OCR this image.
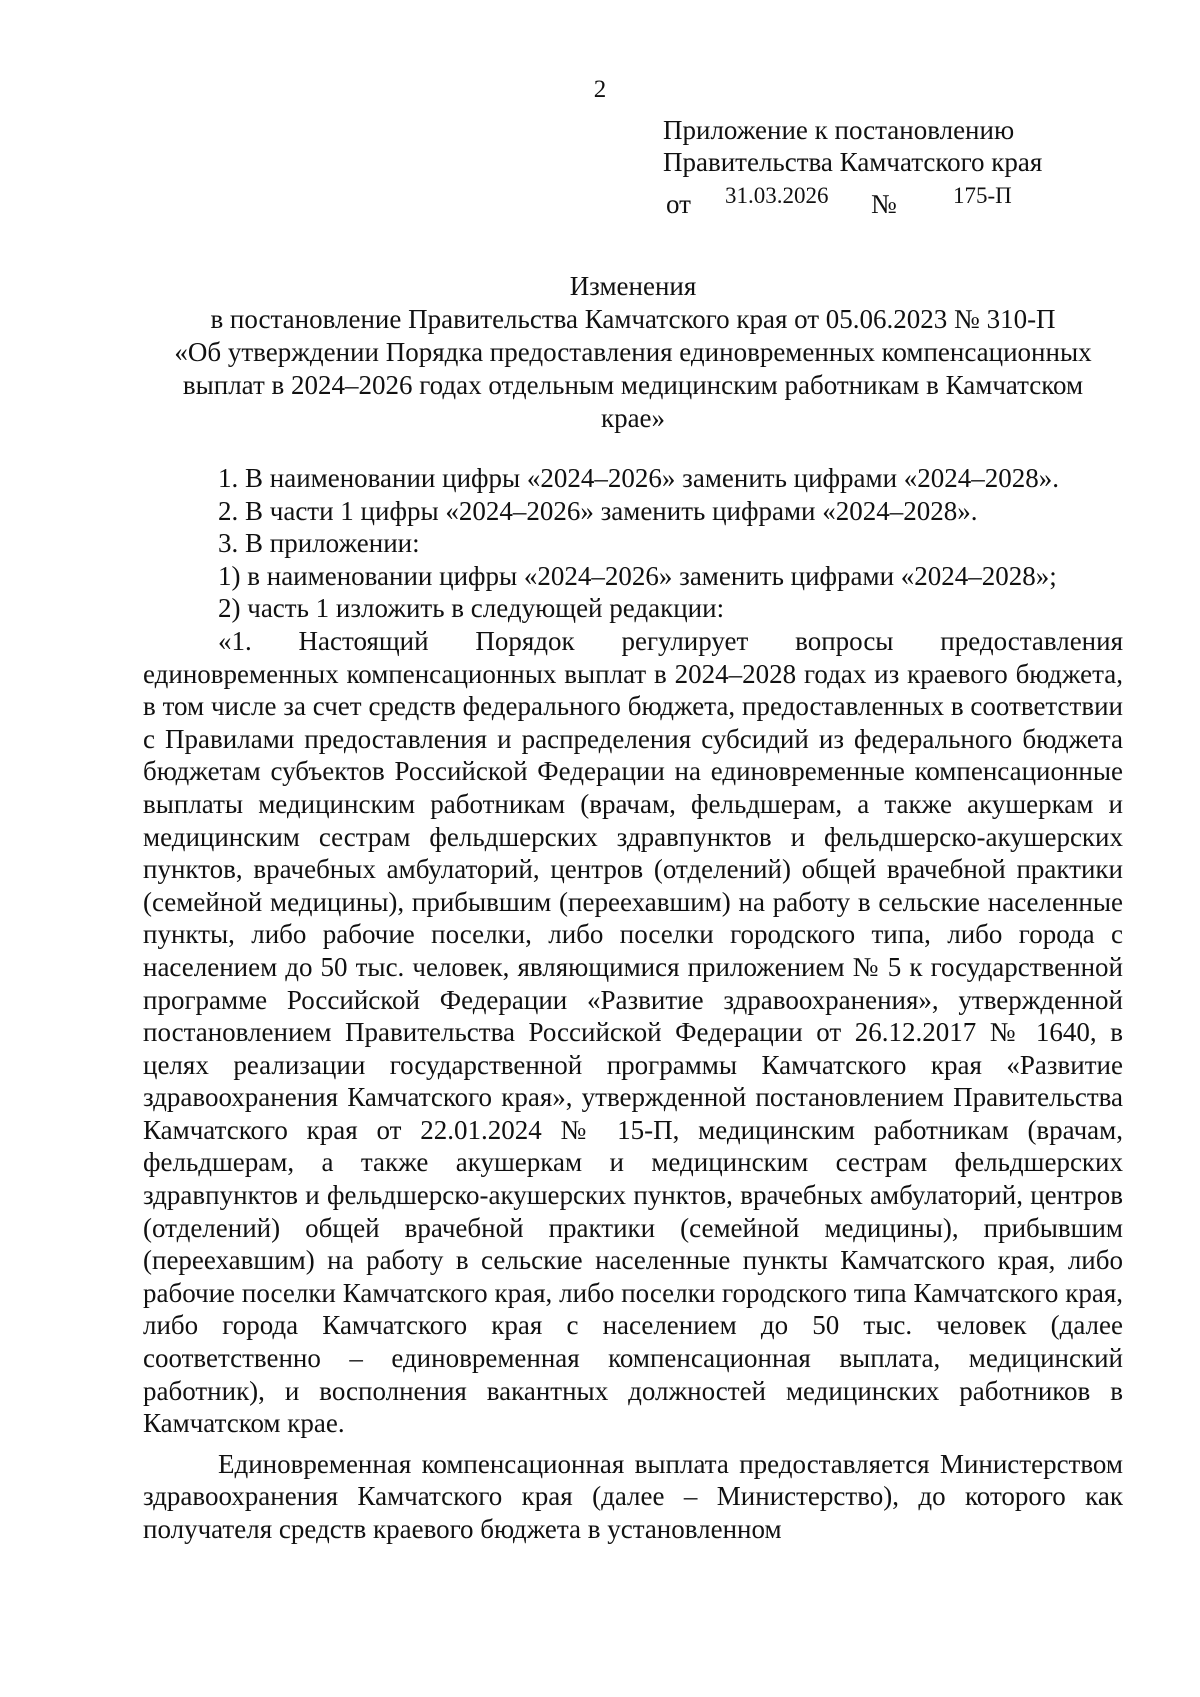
2
Приложение к постановлению
Правительства Камчатского края
от 31.03.2026 № 175-П
Изменения
в постановление Правительства Камчатского края от 05.06.2023 № 310-П
«Об утверждении Порядка предоставления единовременных компенсационных
выплат в 2024–2026 годах отдельным медицинским работникам в Камчатском
крае»

1. В наименовании цифры «2024–2026» заменить цифрами «2024–2028».

2. В части 1 цифры «2024–2026» заменить цифрами «2024–2028».

3. В приложении:

1) в наименовании цифры «2024–2026» заменить цифрами «2024–2028»;

2) часть 1 изложить в следующей редакции:

«1. Настоящий Порядок регулирует вопросы предоставления единовременных компенсационных выплат в 2024–2028 годах из краевого бюджета, в том числе за счет средств федерального бюджета, предоставленных в соответствии с Правилами предоставления и распределения субсидий из федерального бюджета бюджетам субъектов Российской Федерации на единовременные компенсационные выплаты медицинским работникам (врачам, фельдшерам, а также акушеркам и медицинским сестрам фельдшерских здравпунктов и фельдшерско-акушерских пунктов, врачебных амбулаторий, центров (отделений) общей врачебной практики (семейной медицины), прибывшим (переехавшим) на работу в сельские населенные пункты, либо рабочие поселки, либо поселки городского типа, либо города с населением до 50 тыс. человек, являющимися приложением № 5 к государственной программе Российской Федерации «Развитие здравоохранения», утвержденной постановлением Правительства Российской Федерации от 26.12.2017 № 1640, в целях реализации государственной программы Камчатского края «Развитие здравоохранения Камчатского края», утвержденной постановлением Правительства Камчатского края от 22.01.2024 № 15-П, медицинским работникам (врачам, фельдшерам, а также акушеркам и медицинским сестрам фельдшерских здравпунктов и фельдшерско-акушерских пунктов, врачебных амбулаторий, центров (отделений) общей врачебной практики (семейной медицины), прибывшим (переехавшим) на работу в сельские населенные пункты Камчатского края, либо рабочие поселки Камчатского края, либо поселки городского типа Камчатского края, либо города Камчатского края с населением до 50 тыс. человек (далее соответственно – единовременная компенсационная выплата, медицинский работник), и восполнения вакантных должностей медицинских работников в Камчатском крае.

Единовременная компенсационная выплата предоставляется Министерством здравоохранения Камчатского края (далее – Министерство), до которого как получателя средств краевого бюджета в установленном
